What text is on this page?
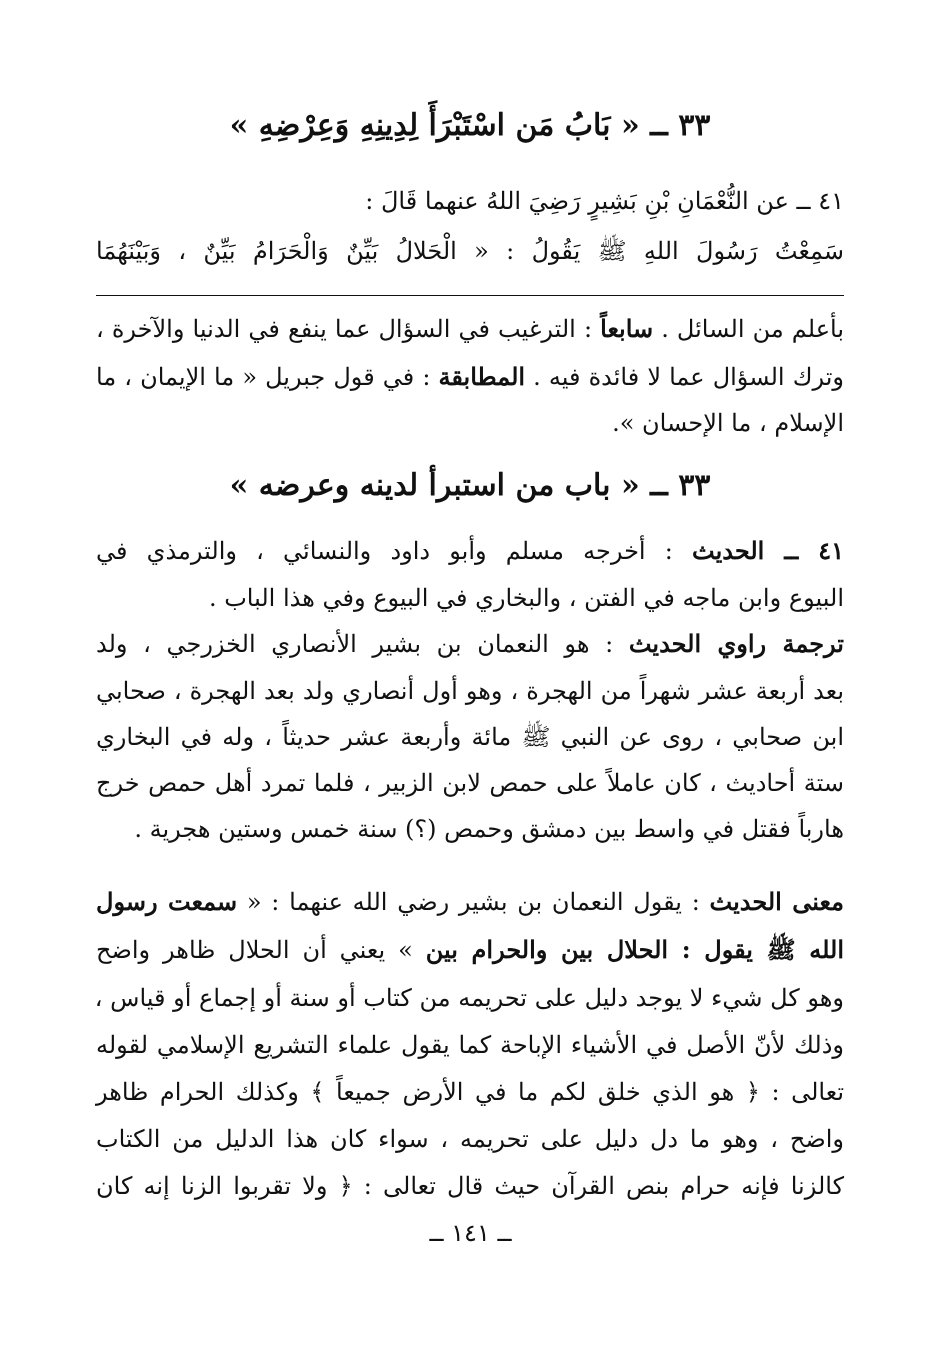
٣٣ ــ « بَابُ مَن اسْتَبْرَأَ لِدِينِهِ وَعِرْضِهِ »
٤١ ــ عن النُّعْمَانِ بْنِ بَشِيرٍ رَضِيَ اللهُ عنهما قَالَ :
سَمِعْتُ رَسُولَ اللهِ ﷺ يَقُولُ : « الْحَلالُ بَيِّنٌ وَالْحَرَامُ بَيِّنٌ ، وَبَيْنَهُمَا
بأعلم من السائل . سابعاً : الترغيب في السؤال عما ينفع في الدنيا والآخرة ،
وترك السؤال عما لا فائدة فيه . المطابقة : في قول جبريل « ما الإيمان ، ما
الإسلام ، ما الإحسان ».
٣٣ ــ « باب من استبرأ لدينه وعرضه »
٤١ ــ الحديث : أخرجه مسلم وأبو داود والنسائي ، والترمذي في
البيوع وابن ماجه في الفتن ، والبخاري في البيوع وفي هذا الباب .
ترجمة راوي الحديث : هو النعمان بن بشير الأنصاري الخزرجي ، ولد
بعد أربعة عشر شهراً من الهجرة ، وهو أول أنصاري ولد بعد الهجرة ، صحابي
ابن صحابي ، روى عن النبي ﷺ مائة وأربعة عشر حديثاً ، وله في البخاري
ستة أحاديث ، كان عاملاً على حمص لابن الزبير ، فلما تمرد أهل حمص خرج
هارباً فقتل في واسط بين دمشق وحمص (؟) سنة خمس وستين هجرية .
معنى الحديث : يقول النعمان بن بشير رضي الله عنهما : « سمعت رسول
الله ﷺ يقول : الحلال بين والحرام بين » يعني أن الحلال ظاهر واضح
وهو كل شيء لا يوجد دليل على تحريمه من كتاب أو سنة أو إجماع أو قياس ،
وذلك لأنّ الأصل في الأشياء الإباحة كما يقول علماء التشريع الإسلامي لقوله
تعالى : ﴿ هو الذي خلق لكم ما في الأرض جميعاً ﴾ وكذلك الحرام ظاهر
واضح ، وهو ما دل دليل على تحريمه ، سواء كان هذا الدليل من الكتاب
كالزنا فإنه حرام بنص القرآن حيث قال تعالى : ﴿ ولا تقربوا الزنا إنه كان
ــ ١٤١ ــ
